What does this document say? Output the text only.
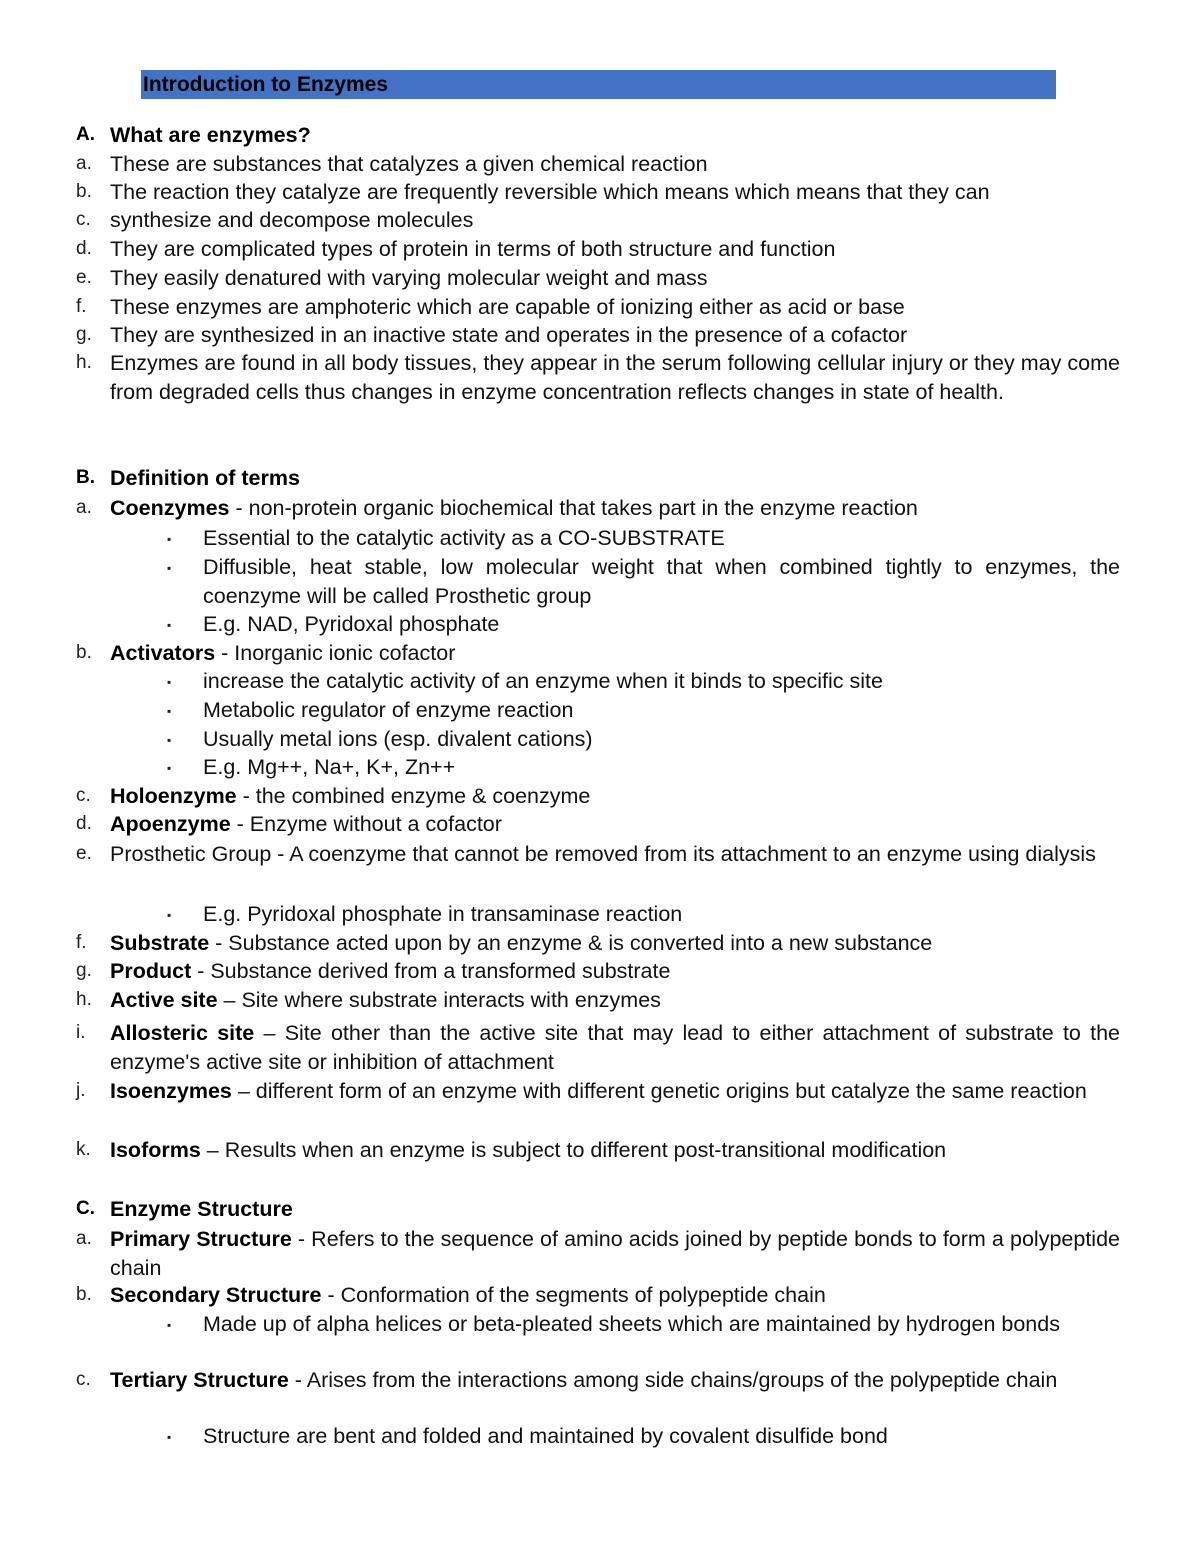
Introduction to Enzymes
A. What are enzymes?
a. These are substances that catalyzes a given chemical reaction
b. The reaction they catalyze are frequently reversible which means which means that they can
c. synthesize and decompose molecules
d. They are complicated types of protein in terms of both structure and function
e. They easily denatured with varying molecular weight and mass
f. These enzymes are amphoteric which are capable of ionizing either as acid or base
g. They are synthesized in an inactive state and operates in the presence of a cofactor
h. Enzymes are found in all body tissues, they appear in the serum following cellular injury or they may come from degraded cells thus changes in enzyme concentration reflects changes in state of health.
B. Definition of terms
a. Coenzymes - non-protein organic biochemical that takes part in the enzyme reaction
▪ Essential to the catalytic activity as a CO-SUBSTRATE
▪ Diffusible, heat stable, low molecular weight that when combined tightly to enzymes, the coenzyme will be called Prosthetic group
▪ E.g. NAD, Pyridoxal phosphate
b. Activators - Inorganic ionic cofactor
▪ increase the catalytic activity of an enzyme when it binds to specific site
▪ Metabolic regulator of enzyme reaction
▪ Usually metal ions (esp. divalent cations)
▪ E.g. Mg++, Na+, K+, Zn++
c. Holoenzyme - the combined enzyme & coenzyme
d. Apoenzyme - Enzyme without a cofactor
e. Prosthetic Group - A coenzyme that cannot be removed from its attachment to an enzyme using dialysis
▪ E.g. Pyridoxal phosphate in transaminase reaction
f. Substrate - Substance acted upon by an enzyme & is converted into a new substance
g. Product - Substance derived from a transformed substrate
h. Active site – Site where substrate interacts with enzymes
i. Allosteric site – Site other than the active site that may lead to either attachment of substrate to the enzyme's active site or inhibition of attachment
j. Isoenzymes – different form of an enzyme with different genetic origins but catalyze the same reaction
k. Isoforms – Results when an enzyme is subject to different post-transitional modification
C. Enzyme Structure
a. Primary Structure - Refers to the sequence of amino acids joined by peptide bonds to form a polypeptide chain
b. Secondary Structure - Conformation of the segments of polypeptide chain
▪ Made up of alpha helices or beta-pleated sheets which are maintained by hydrogen bonds
c. Tertiary Structure - Arises from the interactions among side chains/groups of the polypeptide chain
▪ Structure are bent and folded and maintained by covalent disulfide bond
